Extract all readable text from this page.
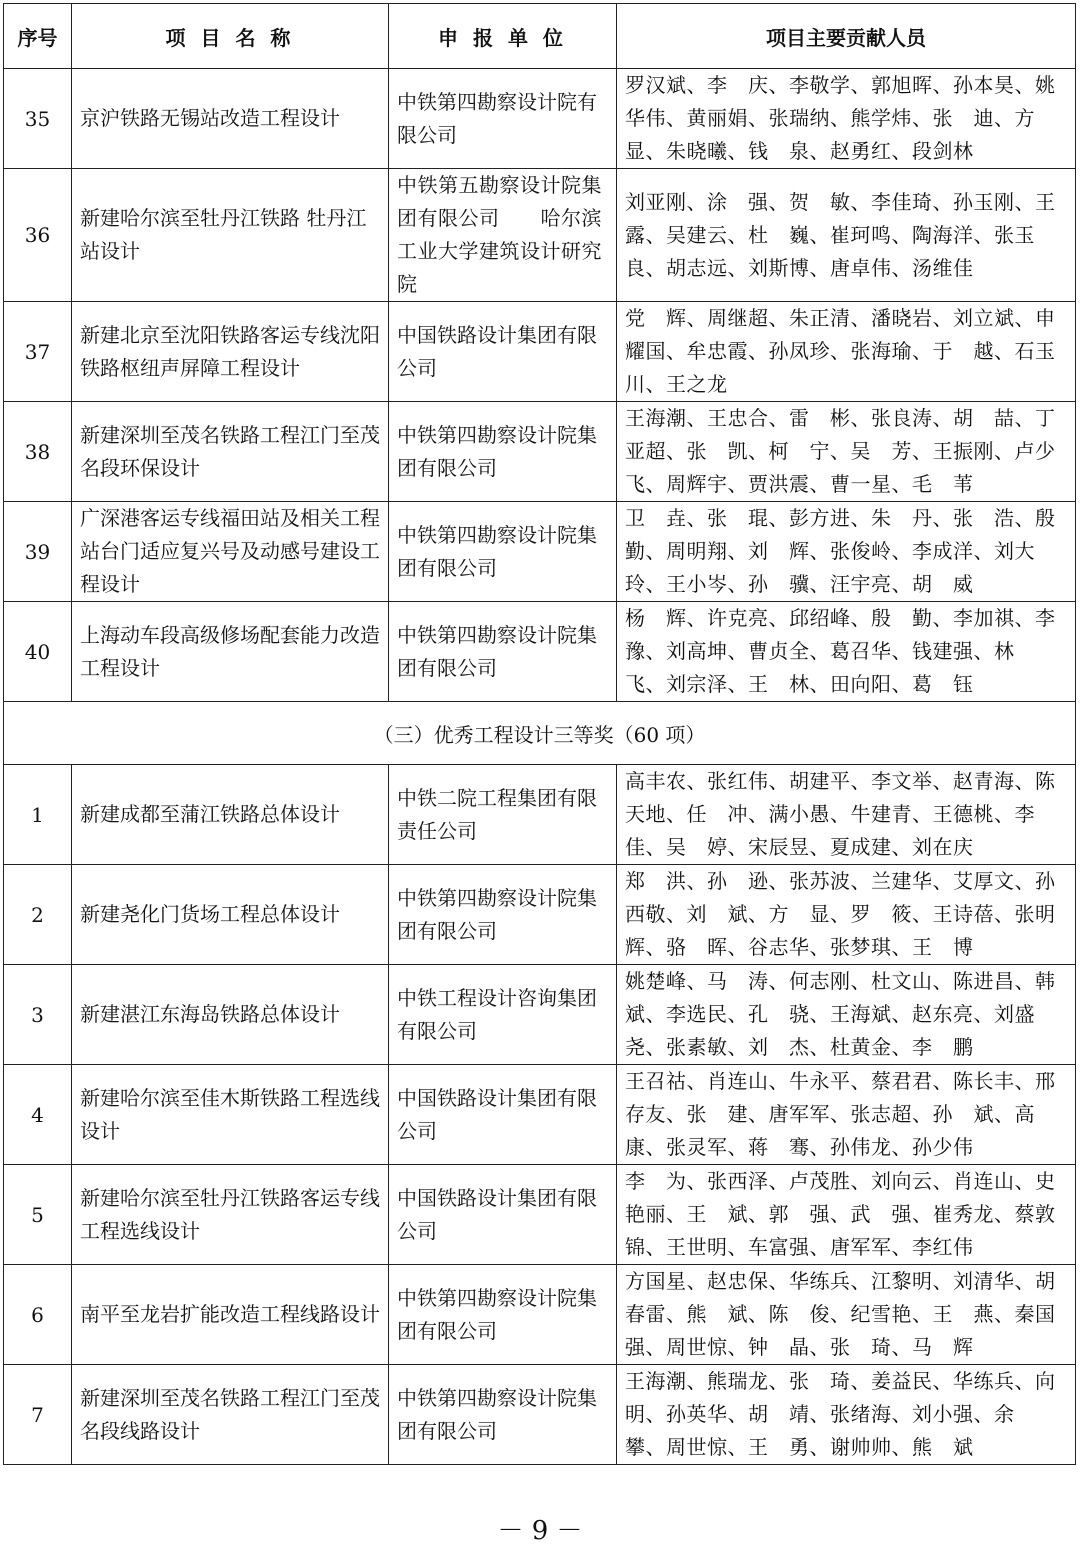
序号	项 目 名 称	申 报 单 位	项目主要贡献人员
35	京沪铁路无锡站改造工程设计	中铁第四勘察设计院有限公司	罗汉斌、李　庆、李敬学、郭旭晖、孙本昊、姚华伟、黄丽娟、张瑞纳、熊学炜、张　迪、方　显、朱晓曦、钱　泉、赵勇红、段剑林
36	新建哈尔滨至牡丹江铁路 牡丹江站设计	中铁第五勘察设计院集团有限公司　　哈尔滨工业大学建筑设计研究院	刘亚刚、涂　强、贺　敏、李佳琦、孙玉刚、王　露、吴建云、杜　巍、崔珂鸣、陶海洋、张玉良、胡志远、刘斯博、唐卓伟、汤维佳
37	新建北京至沈阳铁路客运专线沈阳铁路枢纽声屏障工程设计	中国铁路设计集团有限公司	党　辉、周继超、朱正清、潘晓岩、刘立斌、申耀国、牟忠霞、孙凤珍、张海瑜、于　越、石玉川、王之龙
38	新建深圳至茂名铁路工程江门至茂名段环保设计	中铁第四勘察设计院集团有限公司	王海潮、王忠合、雷　彬、张良涛、胡　喆、丁亚超、张　凯、柯　宁、吴　芳、王振刚、卢少飞、周辉宇、贾洪震、曹一星、毛　苇
39	广深港客运专线福田站及相关工程站台门适应复兴号及动感号建设工程设计	中铁第四勘察设计院集团有限公司	卫　垚、张　琨、彭方进、朱　丹、张　浩、殷　勤、周明翔、刘　辉、张俊岭、李成洋、刘大玲、王小岑、孙　骥、汪宇亮、胡　威
40	上海动车段高级修场配套能力改造工程设计	中铁第四勘察设计院集团有限公司	杨　辉、许克亮、邱绍峰、殷　勤、李加祺、李　豫、刘高坤、曹贞全、葛召华、钱建强、林　飞、刘宗泽、王　林、田向阳、葛　钰
（三）优秀工程设计三等奖（60 项）			
1	新建成都至蒲江铁路总体设计	中铁二院工程集团有限责任公司	高丰农、张红伟、胡建平、李文举、赵青海、陈天地、任　冲、满小愚、牛建青、王德桃、李　佳、吴　婷、宋辰昱、夏成建、刘在庆
2	新建尧化门货场工程总体设计	中铁第四勘察设计院集团有限公司	郑　洪、孙　逊、张苏波、兰建华、艾厚文、孙西敬、刘　斌、方　显、罗　筱、王诗蓓、张明辉、骆　晖、谷志华、张梦琪、王　博
3	新建湛江东海岛铁路总体设计	中铁工程设计咨询集团有限公司	姚楚峰、马　涛、何志刚、杜文山、陈进昌、韩　斌、李选民、孔　骁、王海斌、赵东亮、刘盛尧、张素敏、刘　杰、杜黄金、李　鹏
4	新建哈尔滨至佳木斯铁路工程选线设计	中国铁路设计集团有限公司	王召祜、肖连山、牛永平、蔡君君、陈长丰、邢存友、张　建、唐军军、张志超、孙　斌、高　康、张灵军、蒋　骞、孙伟龙、孙少伟
5	新建哈尔滨至牡丹江铁路客运专线工程选线设计	中国铁路设计集团有限公司	李　为、张西泽、卢茂胜、刘向云、肖连山、史艳丽、王　斌、郭　强、武　强、崔秀龙、蔡敦锦、王世明、车富强、唐军军、李红伟
6	南平至龙岩扩能改造工程线路设计	中铁第四勘察设计院集团有限公司	方国星、赵忠保、华练兵、江黎明、刘清华、胡春雷、熊　斌、陈　俊、纪雪艳、王　燕、秦国强、周世惊、钟　晶、张　琦、马　辉
7	新建深圳至茂名铁路工程江门至茂名段线路设计	中铁第四勘察设计院集团有限公司	王海潮、熊瑞龙、张　琦、姜益民、华练兵、向　明、孙英华、胡　靖、张绪海、刘小强、余　攀、周世惊、王　勇、谢帅帅、熊　斌
－ 9 －
